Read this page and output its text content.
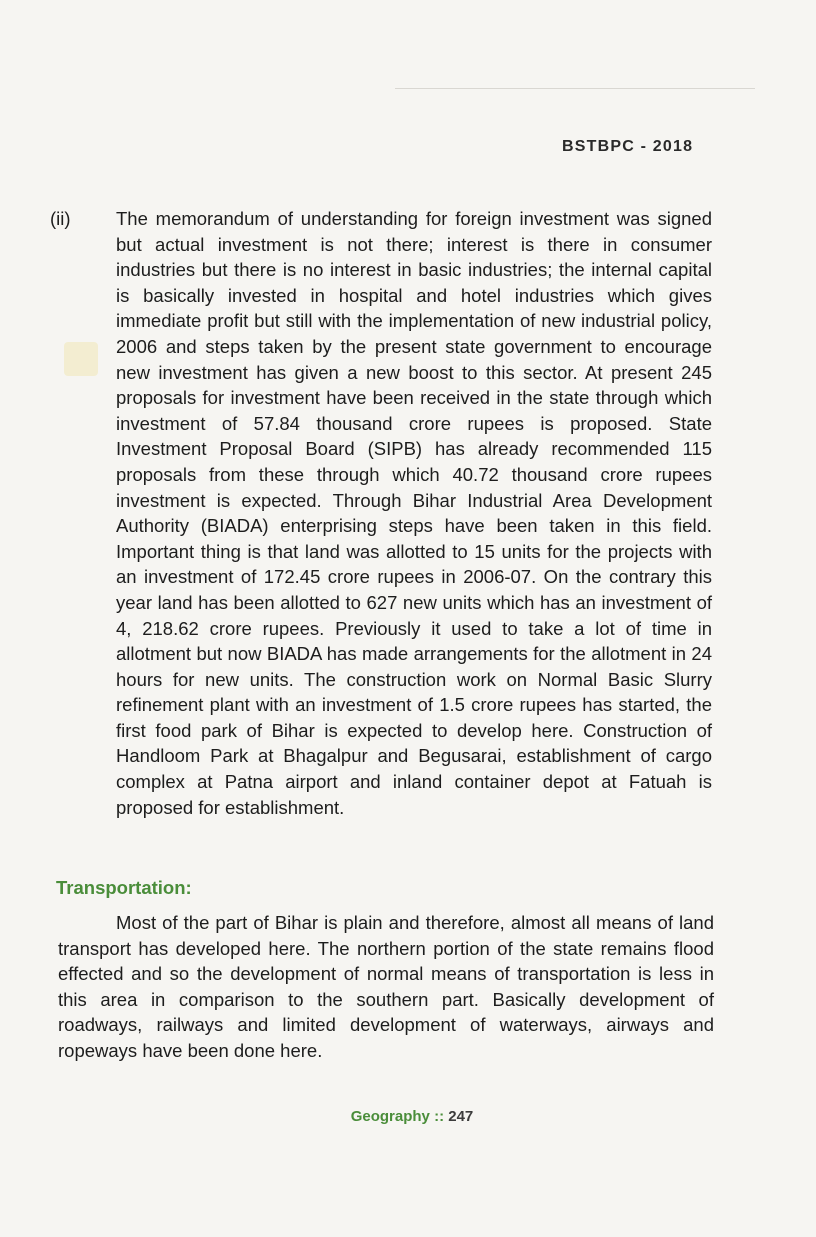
BSTBPC - 2018
(ii) The memorandum of understanding for foreign investment was signed but actual investment is not there; interest is there in consumer industries but there is no interest in basic industries; the internal capital is basically invested in hospital and hotel industries which gives immediate profit but still with the implementation of new industrial policy, 2006 and steps taken by the present state government to encourage new investment has given a new boost to this sector. At present 245 proposals for investment have been received in the state through which investment of 57.84 thousand crore rupees is proposed. State Investment Proposal Board (SIPB) has already recommended 115 proposals from these through which 40.72 thousand crore rupees investment is expected. Through Bihar Industrial Area Development Authority (BIADA) enterprising steps have been taken in this field. Important thing is that land was allotted to 15 units for the projects with an investment of 172.45 crore rupees in 2006-07. On the contrary this year land has been allotted to 627 new units which has an investment of 4, 218.62 crore rupees. Previously it used to take a lot of time in allotment but now BIADA has made arrangements for the allotment in 24 hours for new units. The construction work on Normal Basic Slurry refinement plant with an investment of 1.5 crore rupees has started, the first food park of Bihar is expected to develop here. Construction of Handloom Park at Bhagalpur and Begusarai, establishment of cargo complex at Patna airport and inland container depot at Fatuah is proposed for establishment.
Transportation:
Most of the part of Bihar is plain and therefore, almost all means of land transport has developed here. The northern portion of the state remains flood effected and so the development of normal means of transportation is less in this area in comparison to the southern part. Basically development of roadways, railways and limited development of waterways, airways and ropeways have been done here.
Geography :: 247
